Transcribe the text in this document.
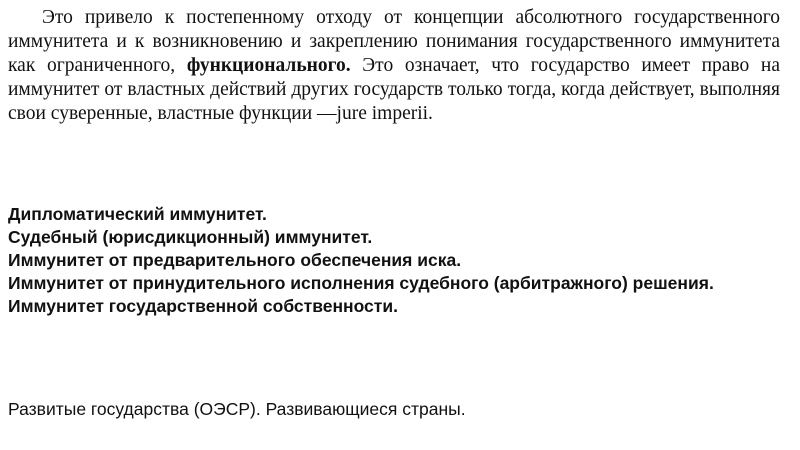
Это привело к постепенному отходу от концепции абсолютного государственного иммунитета и к возникновению и закреплению понимания государственного иммунитета как ограниченного, функционального. Это означает, что государство имеет право на иммунитет от властных действий других государств только тогда, когда действует, выполняя свои суверенные, властные функции —jure imperii.

Дипломатический иммунитет.
Судебный (юрисдикционный) иммунитет.
Иммунитет от предварительного обеспечения иска.
Иммунитет от принудительного исполнения судебного (арбитражного) решения.
Иммунитет государственной собственности.

Развитые государства (ОЭСР). Развивающиеся страны.
